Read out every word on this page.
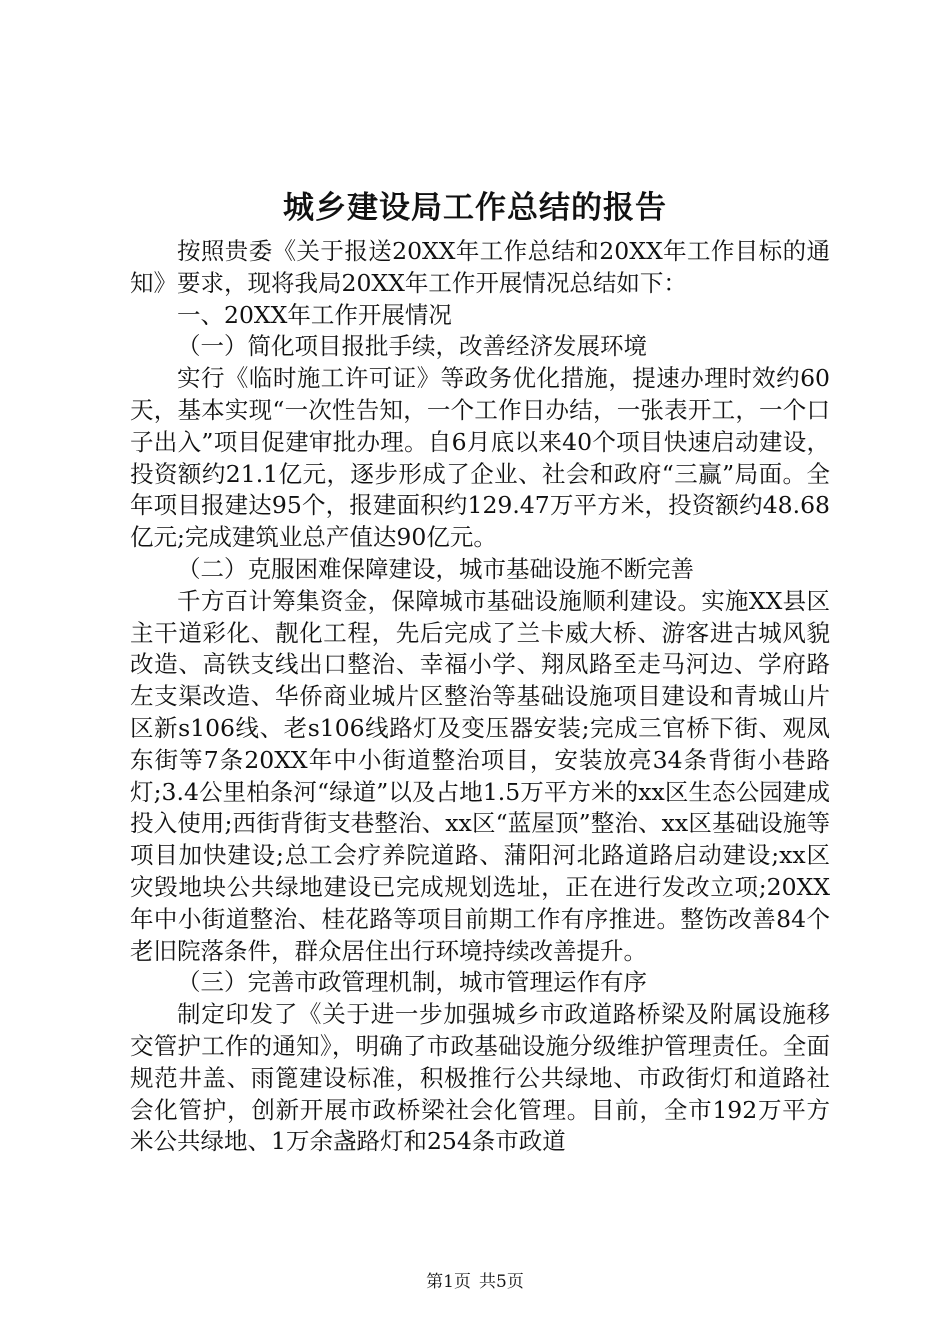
城乡建设局工作总结的报告

按照贵委《关于报送20XX年工作总结和20XX年工作目标的通知》要求，现将我局20XX年工作开展情况总结如下：

一、20XX年工作开展情况

（一）简化项目报批手续，改善经济发展环境

实行《临时施工许可证》等政务优化措施，提速办理时效约60天，基本实现“一次性告知，一个工作日办结，一张表开工，一个口子出入”项目促建审批办理。自6月底以来40个项目快速启动建设，投资额约21.1亿元，逐步形成了企业、社会和政府“三赢”局面。全年项目报建达95个，报建面积约129.47万平方米，投资额约48.68亿元;完成建筑业总产值达90亿元。

（二）克服困难保障建设，城市基础设施不断完善

千方百计筹集资金，保障城市基础设施顺利建设。实施XX县区主干道彩化、靓化工程，先后完成了兰卡威大桥、游客进古城风貌改造、高铁支线出口整治、幸福小学、翔凤路至走马河边、学府路左支渠改造、华侨商业城片区整治等基础设施项目建设和青城山片区新s106线、老s106线路灯及变压器安装;完成三官桥下街、观凤东街等7条20XX年中小街道整治项目，安装放亮34条背街小巷路灯;3.4公里柏条河“绿道”以及占地1.5万平方米的xx区生态公园建成投入使用;西街背街支巷整治、xx区“蓝屋顶”整治、xx区基础设施等项目加快建设;总工会疗养院道路、蒲阳河北路道路启动建设;xx区灾毁地块公共绿地建设已完成规划选址，正在进行发改立项;20XX年中小街道整治、桂花路等项目前期工作有序推进。整饬改善84个老旧院落条件，群众居住出行环境持续改善提升。

（三）完善市政管理机制，城市管理运作有序

制定印发了《关于进一步加强城乡市政道路桥梁及附属设施移交管护工作的通知》，明确了市政基础设施分级维护管理责任。全面规范井盖、雨篦建设标准，积极推行公共绿地、市政街灯和道路社会化管护，创新开展市政桥梁社会化管理。目前，全市192万平方米公共绿地、1万余盏路灯和254条市政道

第1页 共5页
